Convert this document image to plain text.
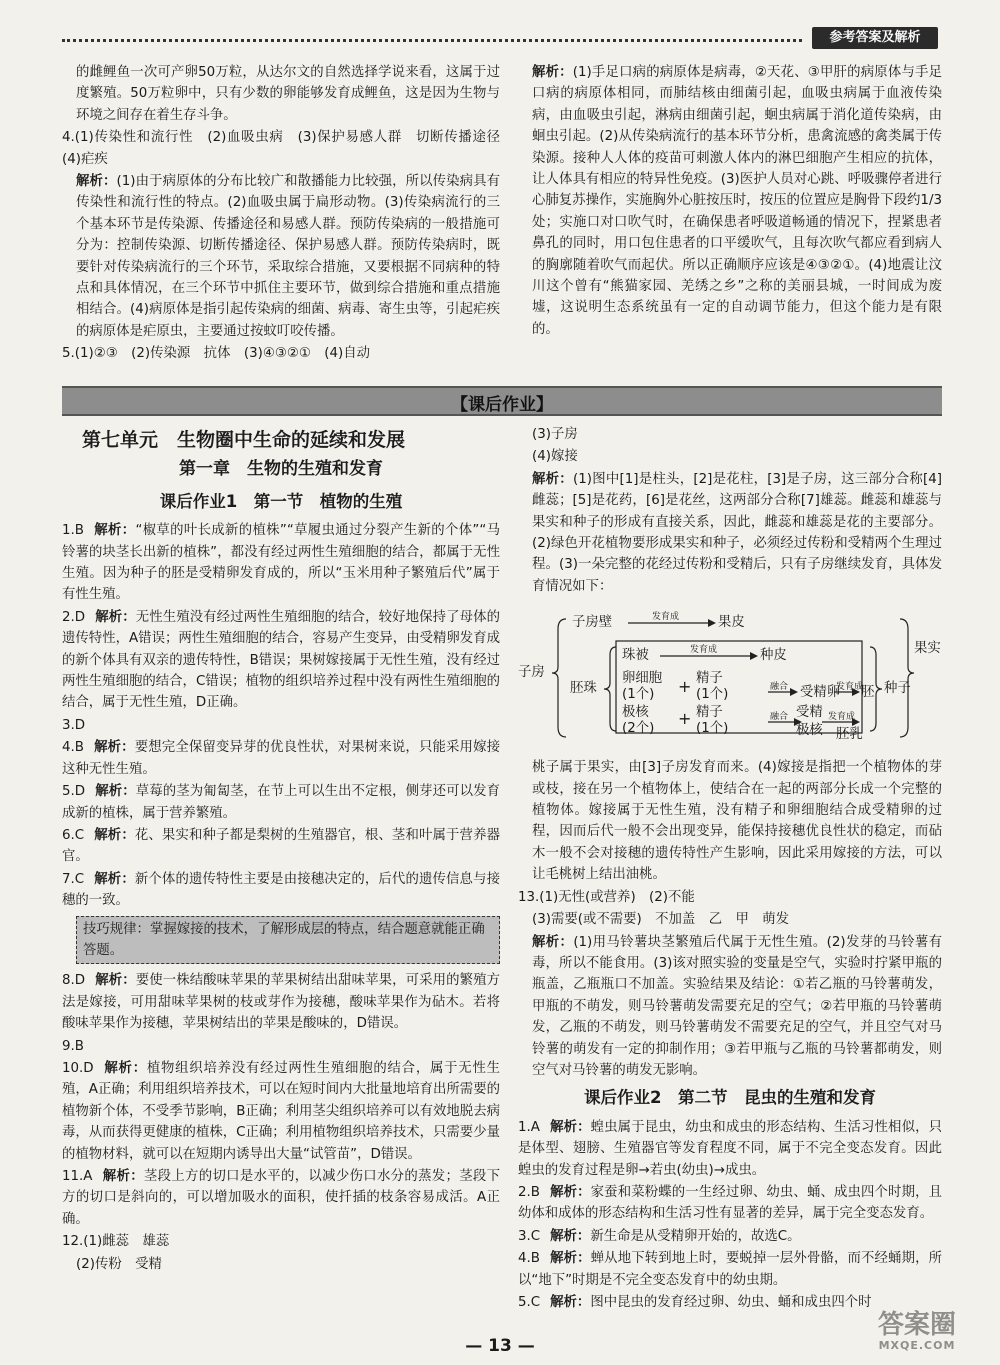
参考答案及解析

的雌鲤鱼一次可产卵50万粒，从达尔文的自然选择学说来看，这属于过度繁殖。50万粒卵中，只有少数的卵能够发育成鲤鱼，这是因为生物与环境之间存在着生存斗争。

4.(1)传染性和流行性　(2)血吸虫病　(3)保护易感人群　切断传播途径　(4)疟疾

解析：(1)由于病原体的分布比较广和散播能力比较强，所以传染病具有传染性和流行性的特点。(2)血吸虫属于扁形动物。(3)传染病流行的三个基本环节是传染源、传播途径和易感人群。预防传染病的一般措施可分为：控制传染源、切断传播途径、保护易感人群。预防传染病时，既要针对传染病流行的三个环节，采取综合措施，又要根据不同病种的特点和具体情况，在三个环节中抓住主要环节，做到综合措施和重点措施相结合。(4)病原体是指引起传染病的细菌、病毒、寄生虫等，引起疟疾的病原体是疟原虫，主要通过按蚊叮咬传播。

5.(1)②③　(2)传染源　抗体　(3)④③②①　(4)自动

解析：(1)手足口病的病原体是病毒，②天花、③甲肝的病原体与手足口病的病原体相同，而肺结核由细菌引起，血吸虫病属于血液传染病，由血吸虫引起，淋病由细菌引起，蛔虫病属于消化道传染病，由蛔虫引起。(2)从传染病流行的基本环节分析，患禽流感的禽类属于传染源。接种人人体的疫苗可刺激人体内的淋巴细胞产生相应的抗体，让人体具有相应的特异性免疫。(3)医护人员对心跳、呼吸骤停者进行心肺复苏操作，实施胸外心脏按压时，按压的位置应是胸骨下段约1/3处；实施口对口吹气时，在确保患者呼吸道畅通的情况下，捏紧患者鼻孔的同时，用口包住患者的口平缓吹气，且每次吹气都应看到病人的胸廓随着吹气而起伏。所以正确顺序应该是④③②①。(4)地震让汶川这个曾有“熊猫家园、羌绣之乡”之称的美丽县城，一时间成为废墟，这说明生态系统虽有一定的自动调节能力，但这个能力是有限的。

【课后作业】
第七单元　生物圈中生命的延续和发展
第一章　生物的生殖和发育
课后作业1　第一节　植物的生殖

1.B 解析：“椒草的叶长成新的植株”“草履虫通过分裂产生新的个体”“马铃薯的块茎长出新的植株”，都没有经过两性生殖细胞的结合，都属于无性生殖。因为种子的胚是受精卵发育成的，所以“玉米用种子繁殖后代”属于有性生殖。

2.D 解析：无性生殖没有经过两性生殖细胞的结合，较好地保持了母体的遗传特性，A错误；两性生殖细胞的结合，容易产生变异，由受精卵发育成的新个体具有双亲的遗传特性，B错误；果树嫁接属于无性生殖，没有经过两性生殖细胞的结合，C错误；植物的组织培养过程中没有两性生殖细胞的结合，属于无性生殖，D正确。

3.D

4.B 解析：要想完全保留变异芽的优良性状，对果树来说，只能采用嫁接这种无性生殖。

5.D 解析：草莓的茎为匍匐茎，在节上可以生出不定根，侧芽还可以发育成新的植株，属于营养繁殖。

6.C 解析：花、果实和种子都是梨树的生殖器官，根、茎和叶属于营养器官。

7.C 解析：新个体的遗传特性主要是由接穗决定的，后代的遗传信息与接穗的一致。

技巧规律：掌握嫁接的技术，了解形成层的特点，结合题意就能正确答题。

8.D 解析：要使一株结酸味苹果的苹果树结出甜味苹果，可采用的繁殖方法是嫁接，可用甜味苹果树的枝或芽作为接穗，酸味苹果作为砧木。若将酸味苹果作为接穗，苹果树结出的苹果是酸味的，D错误。

9.B

10.D 解析：植物组织培养没有经过两性生殖细胞的结合，属于无性生殖，A正确；利用组织培养技术，可以在短时间内大批量地培育出所需要的植物新个体，不受季节影响，B正确；利用茎尖组织培养可以有效地脱去病毒，从而获得更健康的植株，C正确；利用植物组织培养技术，只需要少量的植物材料，就可以在短期内诱导出大量“试管苗”，D错误。

11.A 解析：茎段上方的切口是水平的，以减少伤口水分的蒸发；茎段下方的切口是斜向的，可以增加吸水的面积，使扦插的枝条容易成活。A正确。

12.(1)雌蕊　雄蕊

(2)传粉　受精

(3)子房

(4)嫁接

解析：(1)图中[1]是柱头，[2]是花柱，[3]是子房，这三部分合称[4]雌蕊；[5]是花药，[6]是花丝，这两部分合称[7]雄蕊。雌蕊和雄蕊与果实和种子的形成有直接关系，因此，雌蕊和雄蕊是花的主要部分。(2)绿色开花植物要形成果实和种子，必须经过传粉和受精两个生理过程。(3)一朵完整的花经过传粉和受精后，只有子房继续发育，具体发育情况如下：

子房
子房壁	发育成	果皮
胚珠
珠被	发育成	种皮
卵细胞
(1个) + 精子
(1个)	融合 受精卵
发育成
胚
极核
(2个)
+ 精子
(1个)
融合 受精
极核
发育成
胚乳
种子
果实

桃子属于果实，由[3]子房发育而来。(4)嫁接是指把一个植物体的芽或枝，接在另一个植物体上，使结合在一起的两部分长成一个完整的植物体。嫁接属于无性生殖，没有精子和卵细胞结合成受精卵的过程，因而后代一般不会出现变异，能保持接穗优良性状的稳定，而砧木一般不会对接穗的遗传特性产生影响，因此采用嫁接的方法，可以让毛桃树上结出油桃。

13.(1)无性(或营养)　(2)不能

(3)需要(或不需要)　不加盖　乙　甲　萌发

解析：(1)用马铃薯块茎繁殖后代属于无性生殖。(2)发芽的马铃薯有毒，所以不能食用。(3)该对照实验的变量是空气，实验时拧紧甲瓶的瓶盖，乙瓶瓶口不加盖。实验结果及结论：①若乙瓶的马铃薯萌发，甲瓶的不萌发，则马铃薯萌发需要充足的空气；②若甲瓶的马铃薯萌发，乙瓶的不萌发，则马铃薯萌发不需要充足的空气，并且空气对马铃薯的萌发有一定的抑制作用；③若甲瓶与乙瓶的马铃薯都萌发，则空气对马铃薯的萌发无影响。

课后作业2　第二节　昆虫的生殖和发育

1.A 解析：蝗虫属于昆虫，幼虫和成虫的形态结构、生活习性相似，只是体型、翅膀、生殖器官等发育程度不同，属于不完全变态发育。因此蝗虫的发育过程是卵→若虫(幼虫)→成虫。

2.B 解析：家蚕和菜粉蝶的一生经过卵、幼虫、蛹、成虫四个时期，且幼体和成体的形态结构和生活习性有显著的差异，属于完全变态发育。

3.C 解析：新生命是从受精卵开始的，故选C。

4.B 解析：蝉从地下转到地上时，要蜕掉一层外骨骼，而不经蛹期，所以“地下”时期是不完全变态发育中的幼虫期。

5.C 解析：图中昆虫的发育经过卵、幼虫、蛹和成虫四个时

— 13 —
答案圈
MXQE.COM
